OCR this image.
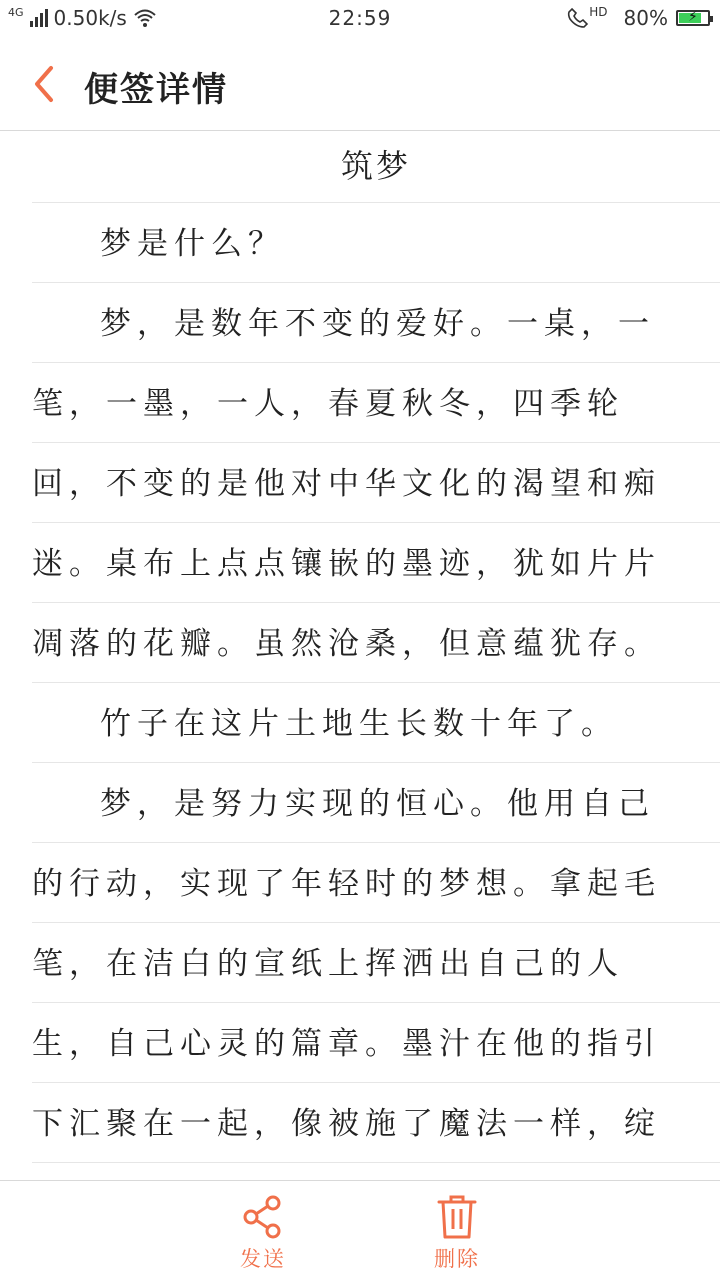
4G 0.50k/s	22:59	HD 80% ⚡
便签详情
筑梦
梦是什么？
梦，是数年不变的爱好。一桌，一
笔，一墨，一人，春夏秋冬，四季轮
回，不变的是他对中华文化的渴望和痴
迷。桌布上点点镶嵌的墨迹，犹如片片
凋落的花瓣。虽然沧桑，但意蕴犹存。
竹子在这片土地生长数十年了。
梦，是努力实现的恒心。他用自己
的行动，实现了年轻时的梦想。拿起毛
笔，在洁白的宣纸上挥洒出自己的人
生，自己心灵的篇章。墨汁在他的指引
下汇聚在一起，像被施了魔法一样，绽
发送	删除
